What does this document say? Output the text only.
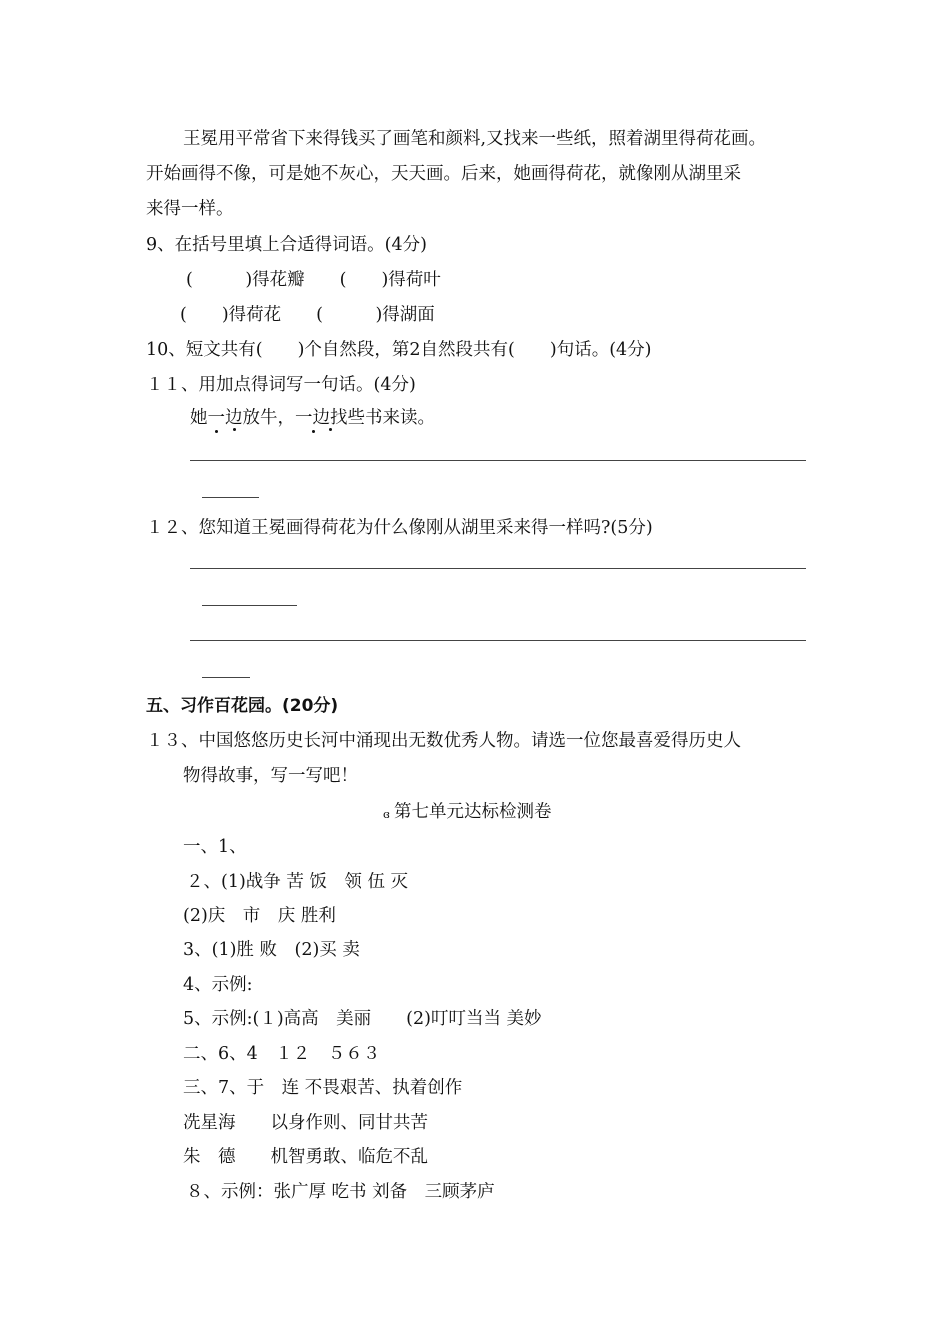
王冕用平常省下来得钱买了画笔和颜料,又找来一些纸，照着湖里得荷花画。
开始画得不像，可是她不灰心，天天画。后来，她画得荷花，就像刚从湖里采
来得一样。
9、在括号里填上合适得词语。(4分)
(　　　)得花瓣　　(　　)得荷叶
(　　)得荷花　　(　　　)得湖面
10、短文共有(　　)个自然段，第2自然段共有(　　)句话。(4分)
１１、用加点得词写一句话。(4分)
她一边放牛，一边找些书来读。
１２、您知道王冕画得荷花为什么像刚从湖里采来得一样吗?(5分)
五、习作百花园。(20分)
１３、中国悠悠历史长河中涌现出无数优秀人物。请选一位您最喜爱得历史人
物得故事，写一写吧！
ɞ 第七单元达标检测卷
一、1、
２、(1)战争 苦 饭　领 伍 灭
(2)庆　市　庆 胜利
3、(1)胜 败　(2)买 卖
4、示例:
5、示例:(１)高高　美丽　　(2)叮叮当当 美妙
二、6、4　１２　５６３
三、7、于　连 不畏艰苦、执着创作
冼星海　　以身作则、同甘共苦
朱　德　　机智勇敢、临危不乱
８、示例：张广厚 吃书 刘备　三顾茅庐
